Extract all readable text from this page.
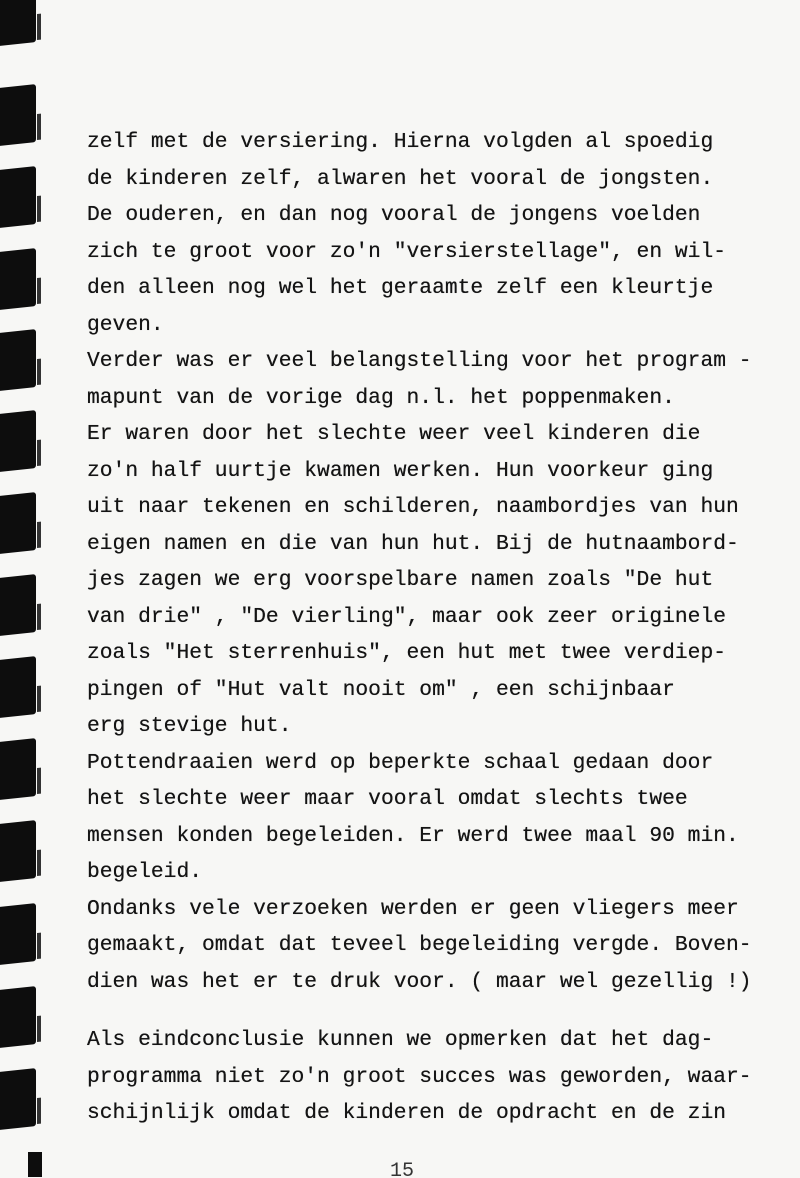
zelf met de versiering. Hierna volgden al spoedig
de kinderen zelf, alwaren het vooral de jongsten.
De ouderen, en dan nog vooral de jongens voelden
zich te groot voor zo'n "versierstellage", en wil-
den alleen nog wel het geraamte zelf een kleurtje
geven.
Verder was er veel belangstelling voor het program -
mapunt van de vorige dag n.l. het poppenmaken.
Er waren door het slechte weer veel kinderen die
zo'n half uurtje kwamen werken. Hun voorkeur ging
uit naar tekenen en schilderen, naambordjes van hun
eigen namen en die van hun hut. Bij de hutnaambord-
jes zagen we erg voorspelbare namen zoals "De hut
van drie" , "De vierling", maar ook zeer originele
zoals "Het sterrenhuis", een hut met twee verdiep-
pingen of "Hut valt nooit om" , een schijnbaar
erg stevige hut.
Pottendraaien werd op beperkte schaal gedaan door
het slechte weer maar vooral omdat slechts twee
mensen konden begeleiden. Er werd twee maal 90 min.
begeleid.
Ondanks vele verzoeken werden er geen vliegers meer
gemaakt, omdat dat teveel begeleiding vergde. Boven-
dien was het er te druk voor. ( maar wel gezellig !)
Als eindconclusie kunnen we opmerken dat het dag-
programma niet zo'n groot succes was geworden, waar-
schijnlijk omdat de kinderen de opdracht en de zin
15
